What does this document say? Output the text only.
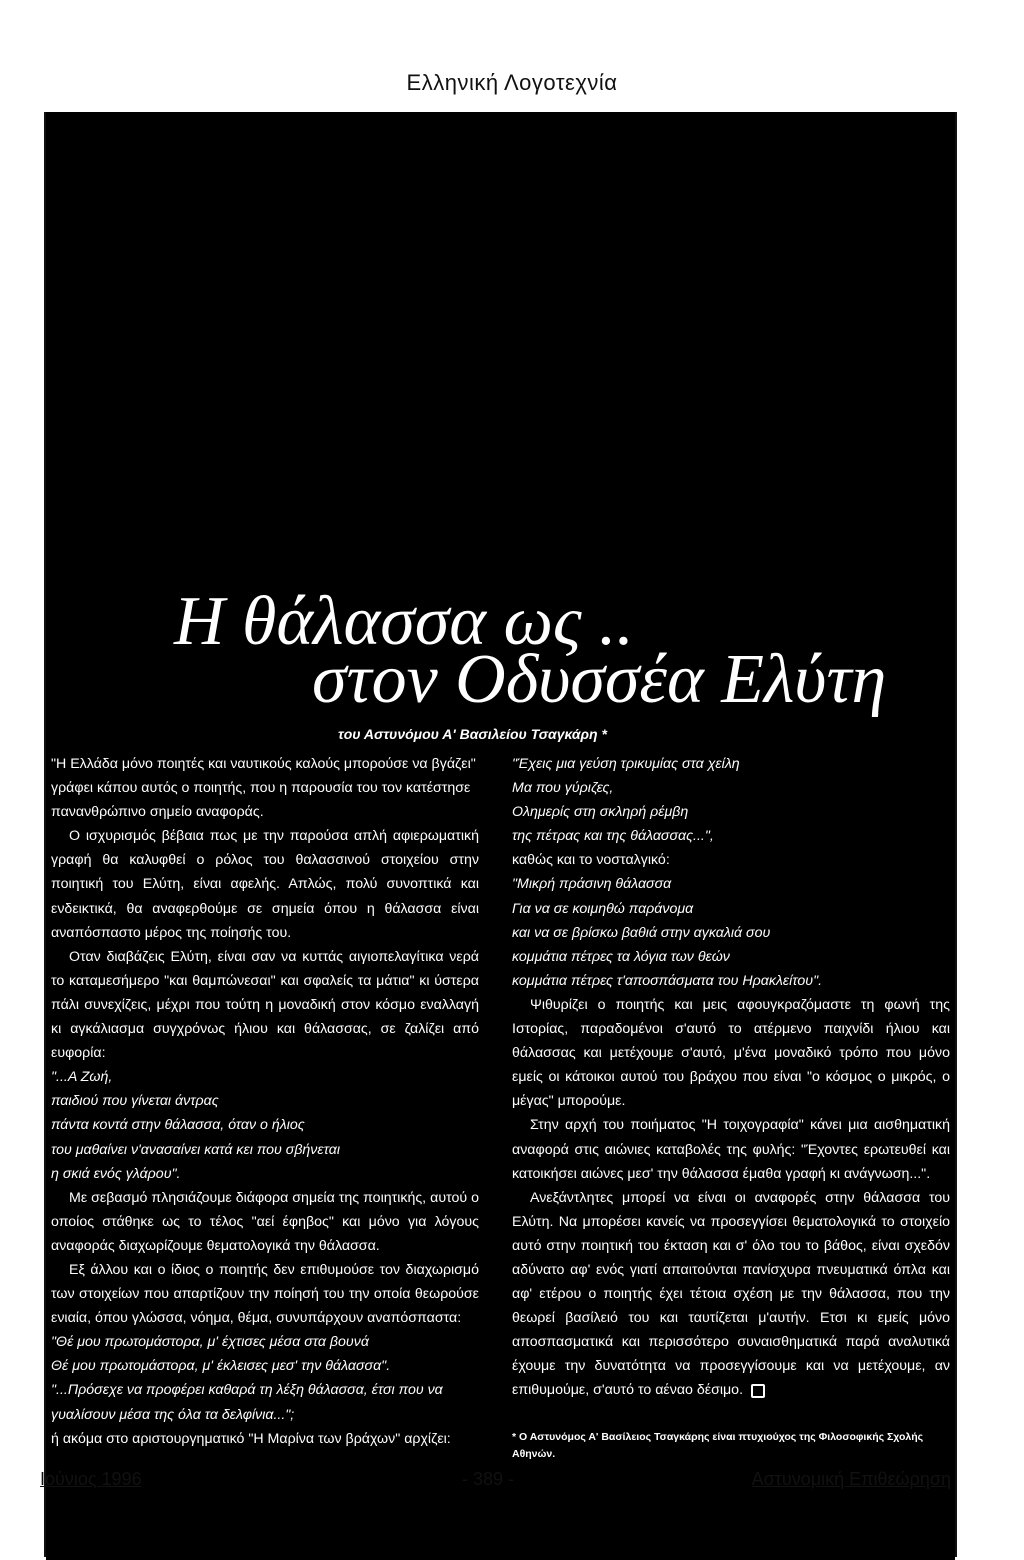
Ελληνική Λογοτεχνία
Η θάλασσα ως ..
στον Οδυσσέα Ελύτη
του Αστυνόμου Α' Βασιλείου Τσαγκάρη *

"Η Ελλάδα μόνο ποιητές και ναυτικούς καλούς μπορούσε να βγάζει" γράφει κάπου αυτός ο ποιητής, που η παρουσία του τον κατέστησε πανανθρώπινο σημείο αναφοράς.

Ο ισχυρισμός βέβαια πως με την παρούσα απλή αφιερωματική γραφή θα καλυφθεί ο ρόλος του θαλασσινού στοιχείου στην ποιητική του Ελύτη, είναι αφελής. Απλώς, πολύ συνοπτικά και ενδεικτικά, θα αναφερθούμε σε σημεία όπου η θάλασσα είναι αναπόσπαστο μέρος της ποίησής του.

Οταν διαβάζεις Ελύτη, είναι σαν να κυττάς αιγιοπελαγίτικα νερά το καταμεσήμερο "και θαμπώνεσαι" και σφαλείς τα μάτια" κι ύστερα πάλι συνεχίζεις, μέχρι που τούτη η μοναδική στον κόσμο εναλλαγή κι αγκάλιασμα συγχρόνως ήλιου και θάλασσας, σε ζαλίζει από ευφορία:

"...Α Ζωή,

παιδιού που γίνεται άντρας

πάντα κοντά στην θάλασσα, όταν ο ήλιος

του μαθαίνει ν'ανασαίνει κατά κει που σβήνεται

η σκιά ενός γλάρου".

Με σεβασμό πλησιάζουμε διάφορα σημεία της ποιητικής, αυτού ο οποίος στάθηκε ως το τέλος "αεί έφηβος" και μόνο για λόγους αναφοράς διαχωρίζουμε θεματολογικά την θάλασσα.

Εξ άλλου και ο ίδιος ο ποιητής δεν επιθυμούσε τον διαχωρισμό των στοιχείων που απαρτίζουν την ποίησή του την οποία θεωρούσε ενιαία, όπου γλώσσα, νόημα, θέμα, συνυπάρχουν αναπόσπαστα:

"Θέ μου πρωτομάστορα, μ' έχτισες μέσα στα βουνά

Θέ μου πρωτομάστορα, μ' έκλεισες μεσ' την θάλασσα".

"...Πρόσεχε να προφέρει καθαρά τη λέξη θάλασσα, έτσι που να γυαλίσουν μέσα της όλα τα δελφίνια...";

ή ακόμα στο αριστουργηματικό "Η Μαρίνα των βράχων" αρχίζει:

"Έχεις μια γεύση τρικυμίας στα χείλη

Μα που γύριζες,

Ολημερίς στη σκληρή ρέμβη

της πέτρας και της θάλασσας...",

καθώς και το νοσταλγικό:

"Μικρή πράσινη θάλασσα

Για να σε κοιμηθώ παράνομα

και να σε βρίσκω βαθιά στην αγκαλιά σου

κομμάτια πέτρες τα λόγια των θεών

κομμάτια πέτρες τ'αποσπάσματα του Ηρακλείτου".

Ψιθυρίζει ο ποιητής και μεις αφουγκραζόμαστε τη φωνή της Ιστορίας, παραδομένοι σ'αυτό το ατέρμενο παιχνίδι ήλιου και θάλασσας και μετέχουμε σ'αυτό, μ'ένα μοναδικό τρόπο που μόνο εμείς οι κάτοικοι αυτού του βράχου που είναι "ο κόσμος ο μικρός, ο μέγας" μπορούμε.

Στην αρχή του ποιήματος "Η τοιχογραφία" κάνει μια αισθηματική αναφορά στις αιώνιες καταβολές της φυλής: "Έχοντες ερωτευθεί και κατοικήσει αιώνες μεσ' την θάλασσα έμαθα γραφή κι ανάγνωση...".

Ανεξάντλητες μπορεί να είναι οι αναφορές στην θάλασσα του Ελύτη. Να μπορέσει κανείς να προσεγγίσει θεματολογικά το στοιχείο αυτό στην ποιητική του έκταση και σ' όλο του το βάθος, είναι σχεδόν αδύνατο αφ' ενός γιατί απαιτούνται πανίσχυρα πνευματικά όπλα και αφ' ετέρου ο ποιητής έχει τέτοια σχέση με την θάλασσα, που την θεωρεί βασίλειό του και ταυτίζεται μ'αυτήν. Ετσι κι εμείς μόνο αποσπασματικά και περισσότερο συναισθηματικά παρά αναλυτικά έχουμε την δυνατότητα να προσεγγίσουμε και να μετέχουμε, αν επιθυμούμε, σ'αυτό το αέναο δέσιμο.

* Ο Αστυνόμος Α' Βασίλειος Τσαγκάρης είναι πτυχιούχος της Φιλοσοφικής Σχολής Αθηνών.

Ιούνιος 1996	- 389 -	Αστυνομική Επιθεώρηση
